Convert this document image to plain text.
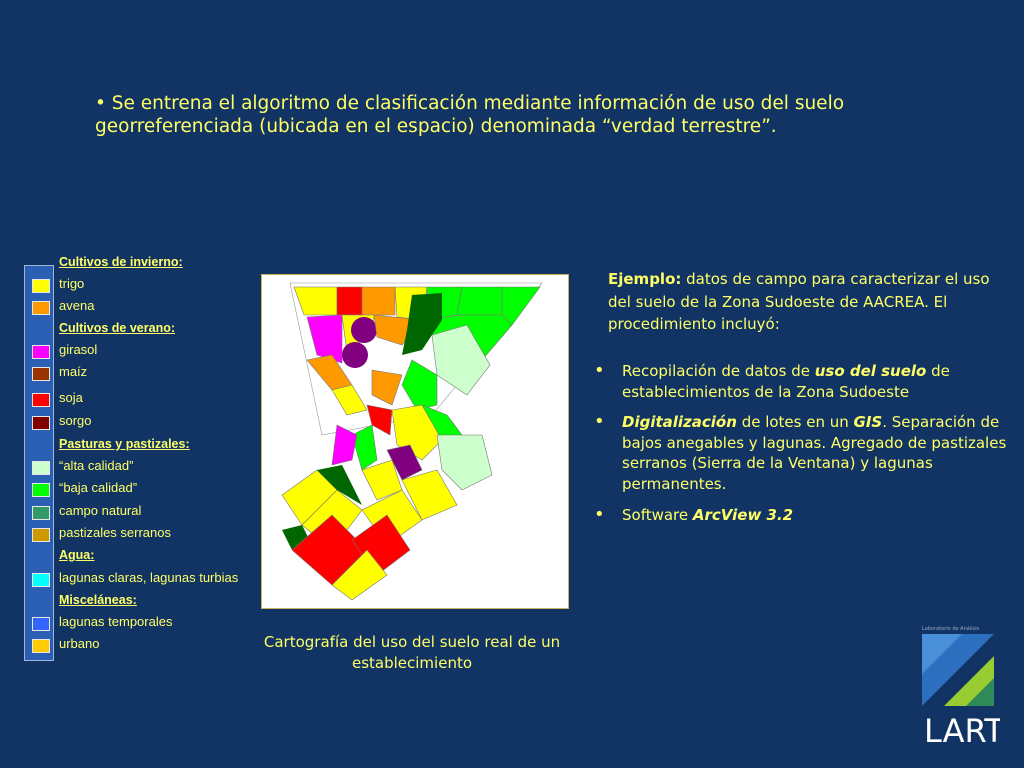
• Se entrena el algoritmo de clasificación mediante información de uso del suelo georreferenciada (ubicada en el espacio) denominada “verdad terrestre”.
Cultivos de invierno:
trigo
avena
Cultivos de verano:
girasol
maíz
soja
sorgo
Pasturas y pastizales:
“alta calidad”
“baja calidad”
campo natural
pastizales serranos
Agua:
lagunas claras, lagunas turbias
Misceláneas:
lagunas temporales
urbano	Cartografía del uso del suelo real de un establecimiento
Ejemplo: datos de campo para caracterizar el uso del suelo de la Zona Sudoeste de AACREA. El procedimiento incluyó:
• Recopilación de datos de uso del suelo de establecimientos de la Zona Sudoeste
• Digitalización de lotes en un GIS. Separación de bajos anegables y lagunas. Agregado de pastizales serranos (Sierra de la Ventana) y lagunas permanentes.
• Software ArcView 3.2
Laboratorio de Análisis
LART
